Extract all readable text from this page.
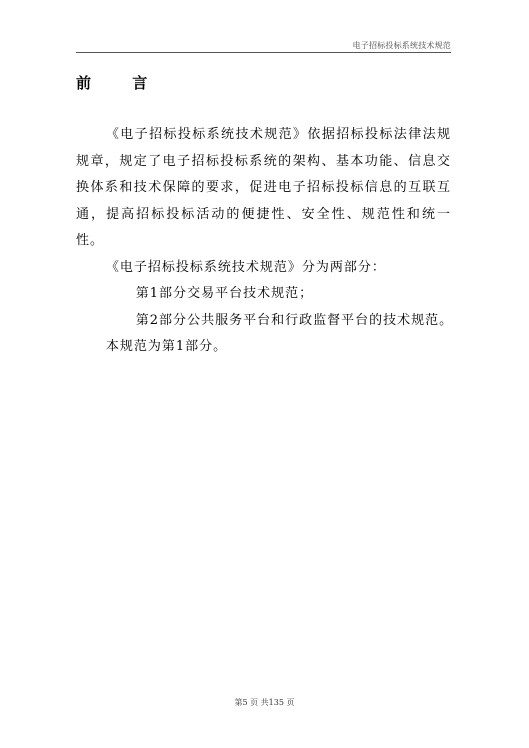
电子招标投标系统技术规范
前 言

《电子招标投标系统技术规范》依据招标投标法律法规规章，规定了电子招标投标系统的架构、基本功能、信息交换体系和技术保障的要求，促进电子招标投标信息的互联互通，提高招标投标活动的便捷性、安全性、规范性和统一性。

《电子招标投标系统技术规范》分为两部分：

第1部分交易平台技术规范；

第2部分公共服务平台和行政监督平台的技术规范。

本规范为第1部分。

第5 页 共135 页
